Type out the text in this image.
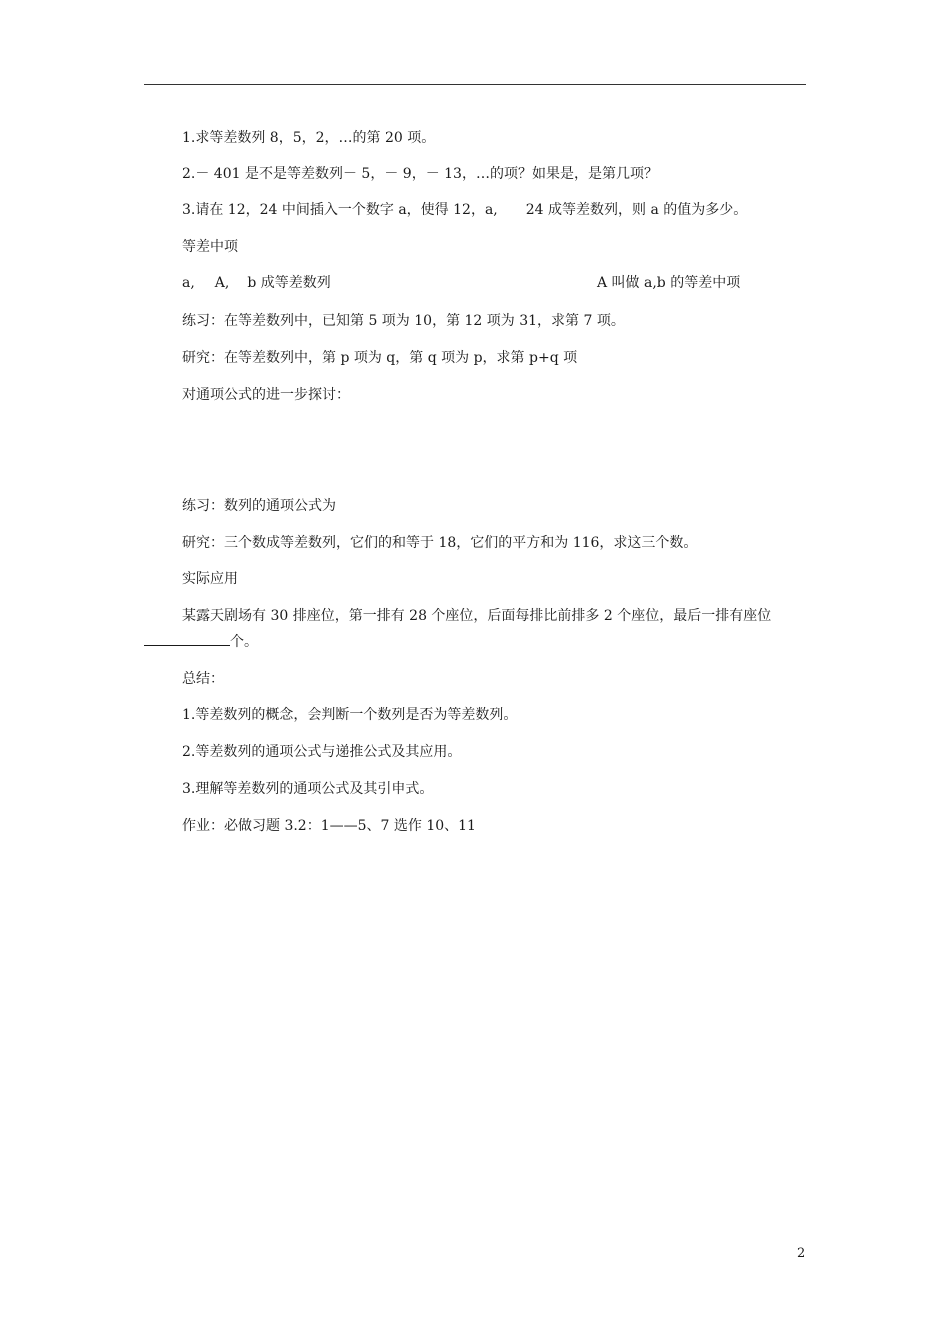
1.求等差数列 8，5，2，…的第 20 项。
2.－ 401 是不是等差数列－ 5，－ 9，－ 13，…的项？如果是，是第几项？
3.请在 12，24 中间插入一个数字 a，使得 12，a, 24 成等差数列，则 a 的值为多少。
等差中项
a, A, b 成等差数列	A 叫做 a,b 的等差中项
练习：在等差数列中，已知第 5 项为 10，第 12 项为 31，求第 7 项。
研究：在等差数列中，第 p 项为 q，第 q 项为 p，求第 p+q 项
对通项公式的进一步探讨：
练习：数列的通项公式为
研究：三个数成等差数列，它们的和等于 18，它们的平方和为 116，求这三个数。
实际应用
某露天剧场有 30 排座位，第一排有 28 个座位，后面每排比前排多 2 个座位，最后一排有座位个。
总结：
1.等差数列的概念，会判断一个数列是否为等差数列。
2.等差数列的通项公式与递推公式及其应用。
3.理解等差数列的通项公式及其引申式。
作业：必做习题 3.2：1——5、7 选作 10、11
2
